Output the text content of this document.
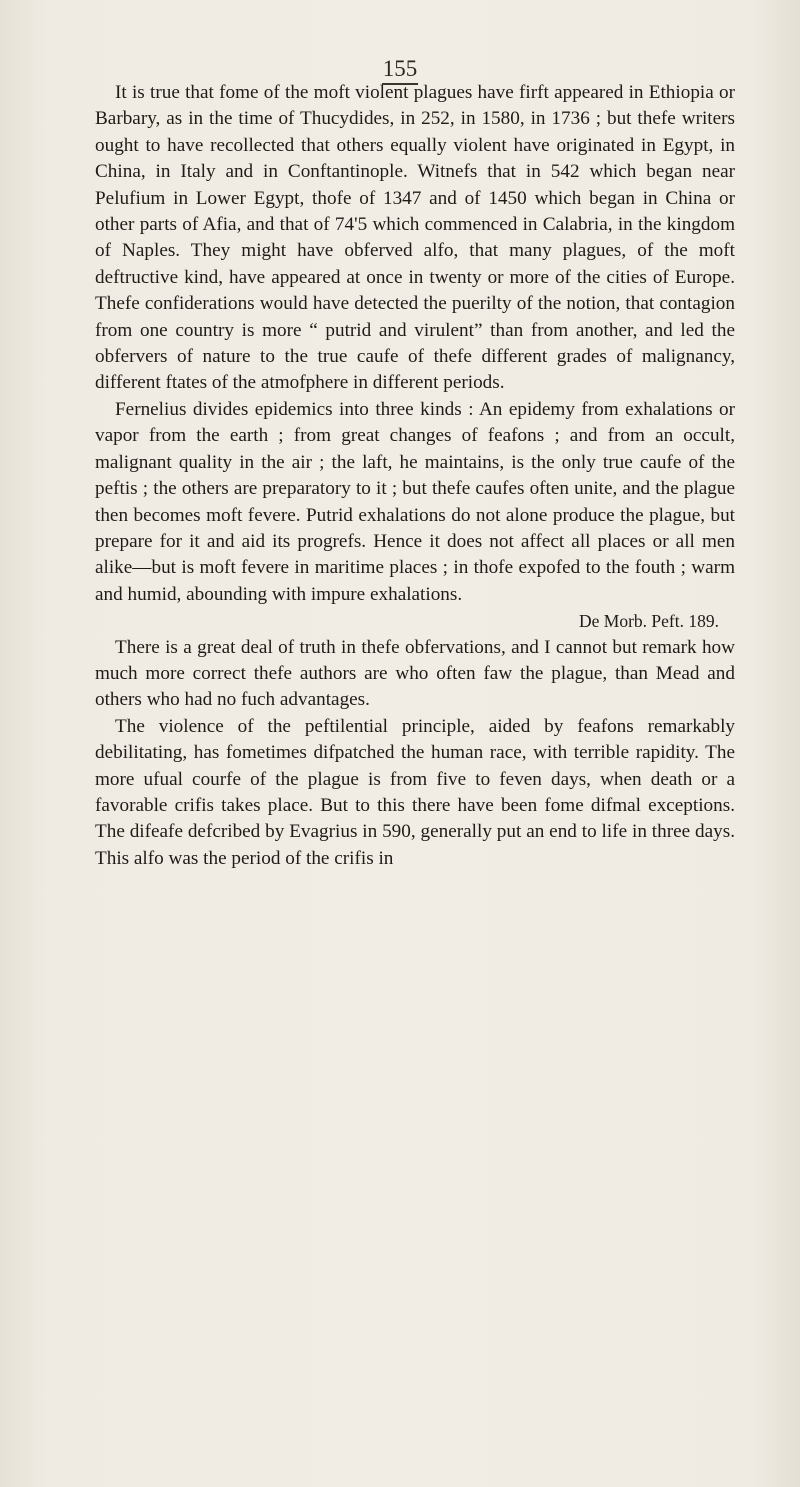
155

It is true that fome of the moft violent plagues have firft appeared in Ethiopia or Barbary, as in the time of Thucydides, in 252, in 1580, in 1736 ; but thefe writers ought to have recollected that others equally violent have originated in Egypt, in China, in Italy and in Conftantinople. Witnefs that in 542 which began near Pelufium in Lower Egypt, thofe of 1347 and of 1450 which began in China or other parts of Afia, and that of 74'5 which commenced in Calabria, in the kingdom of Naples. They might have obferved alfo, that many plagues, of the moft deftructive kind, have appeared at once in twenty or more of the cities of Europe. Thefe confiderations would have detected the puerilty of the notion, that contagion from one country is more “ putrid and virulent” than from another, and led the obfervers of nature to the true caufe of thefe different grades of malignancy, different ftates of the atmofphere in different periods.

Fernelius divides epidemics into three kinds : An epidemy from exhalations or vapor from the earth ; from great changes of feafons ; and from an occult, malignant quality in the air ; the laft, he maintains, is the only true caufe of the peftis ; the others are preparatory to it ; but thefe caufes often unite, and the plague then becomes moft fevere. Putrid exhalations do not alone produce the plague, but prepare for it and aid its progrefs. Hence it does not affect all places or all men alike—but is moft fevere in maritime places ; in thofe expofed to the fouth ; warm and humid, abounding with impure exhalations.

De Morb. Peft. 189.

There is a great deal of truth in thefe obfervations, and I cannot but remark how much more correct thefe authors are who often faw the plague, than Mead and others who had no fuch advantages.

The violence of the peftilential principle, aided by feafons remarkably debilitating, has fometimes difpatched the human race, with terrible rapidity. The more ufual courfe of the plague is from five to feven days, when death or a favorable crifis takes place. But to this there have been fome difmal exceptions. The difeafe defcribed by Evagrius in 590, generally put an end to life in three days. This alfo was the period of the crifis in
